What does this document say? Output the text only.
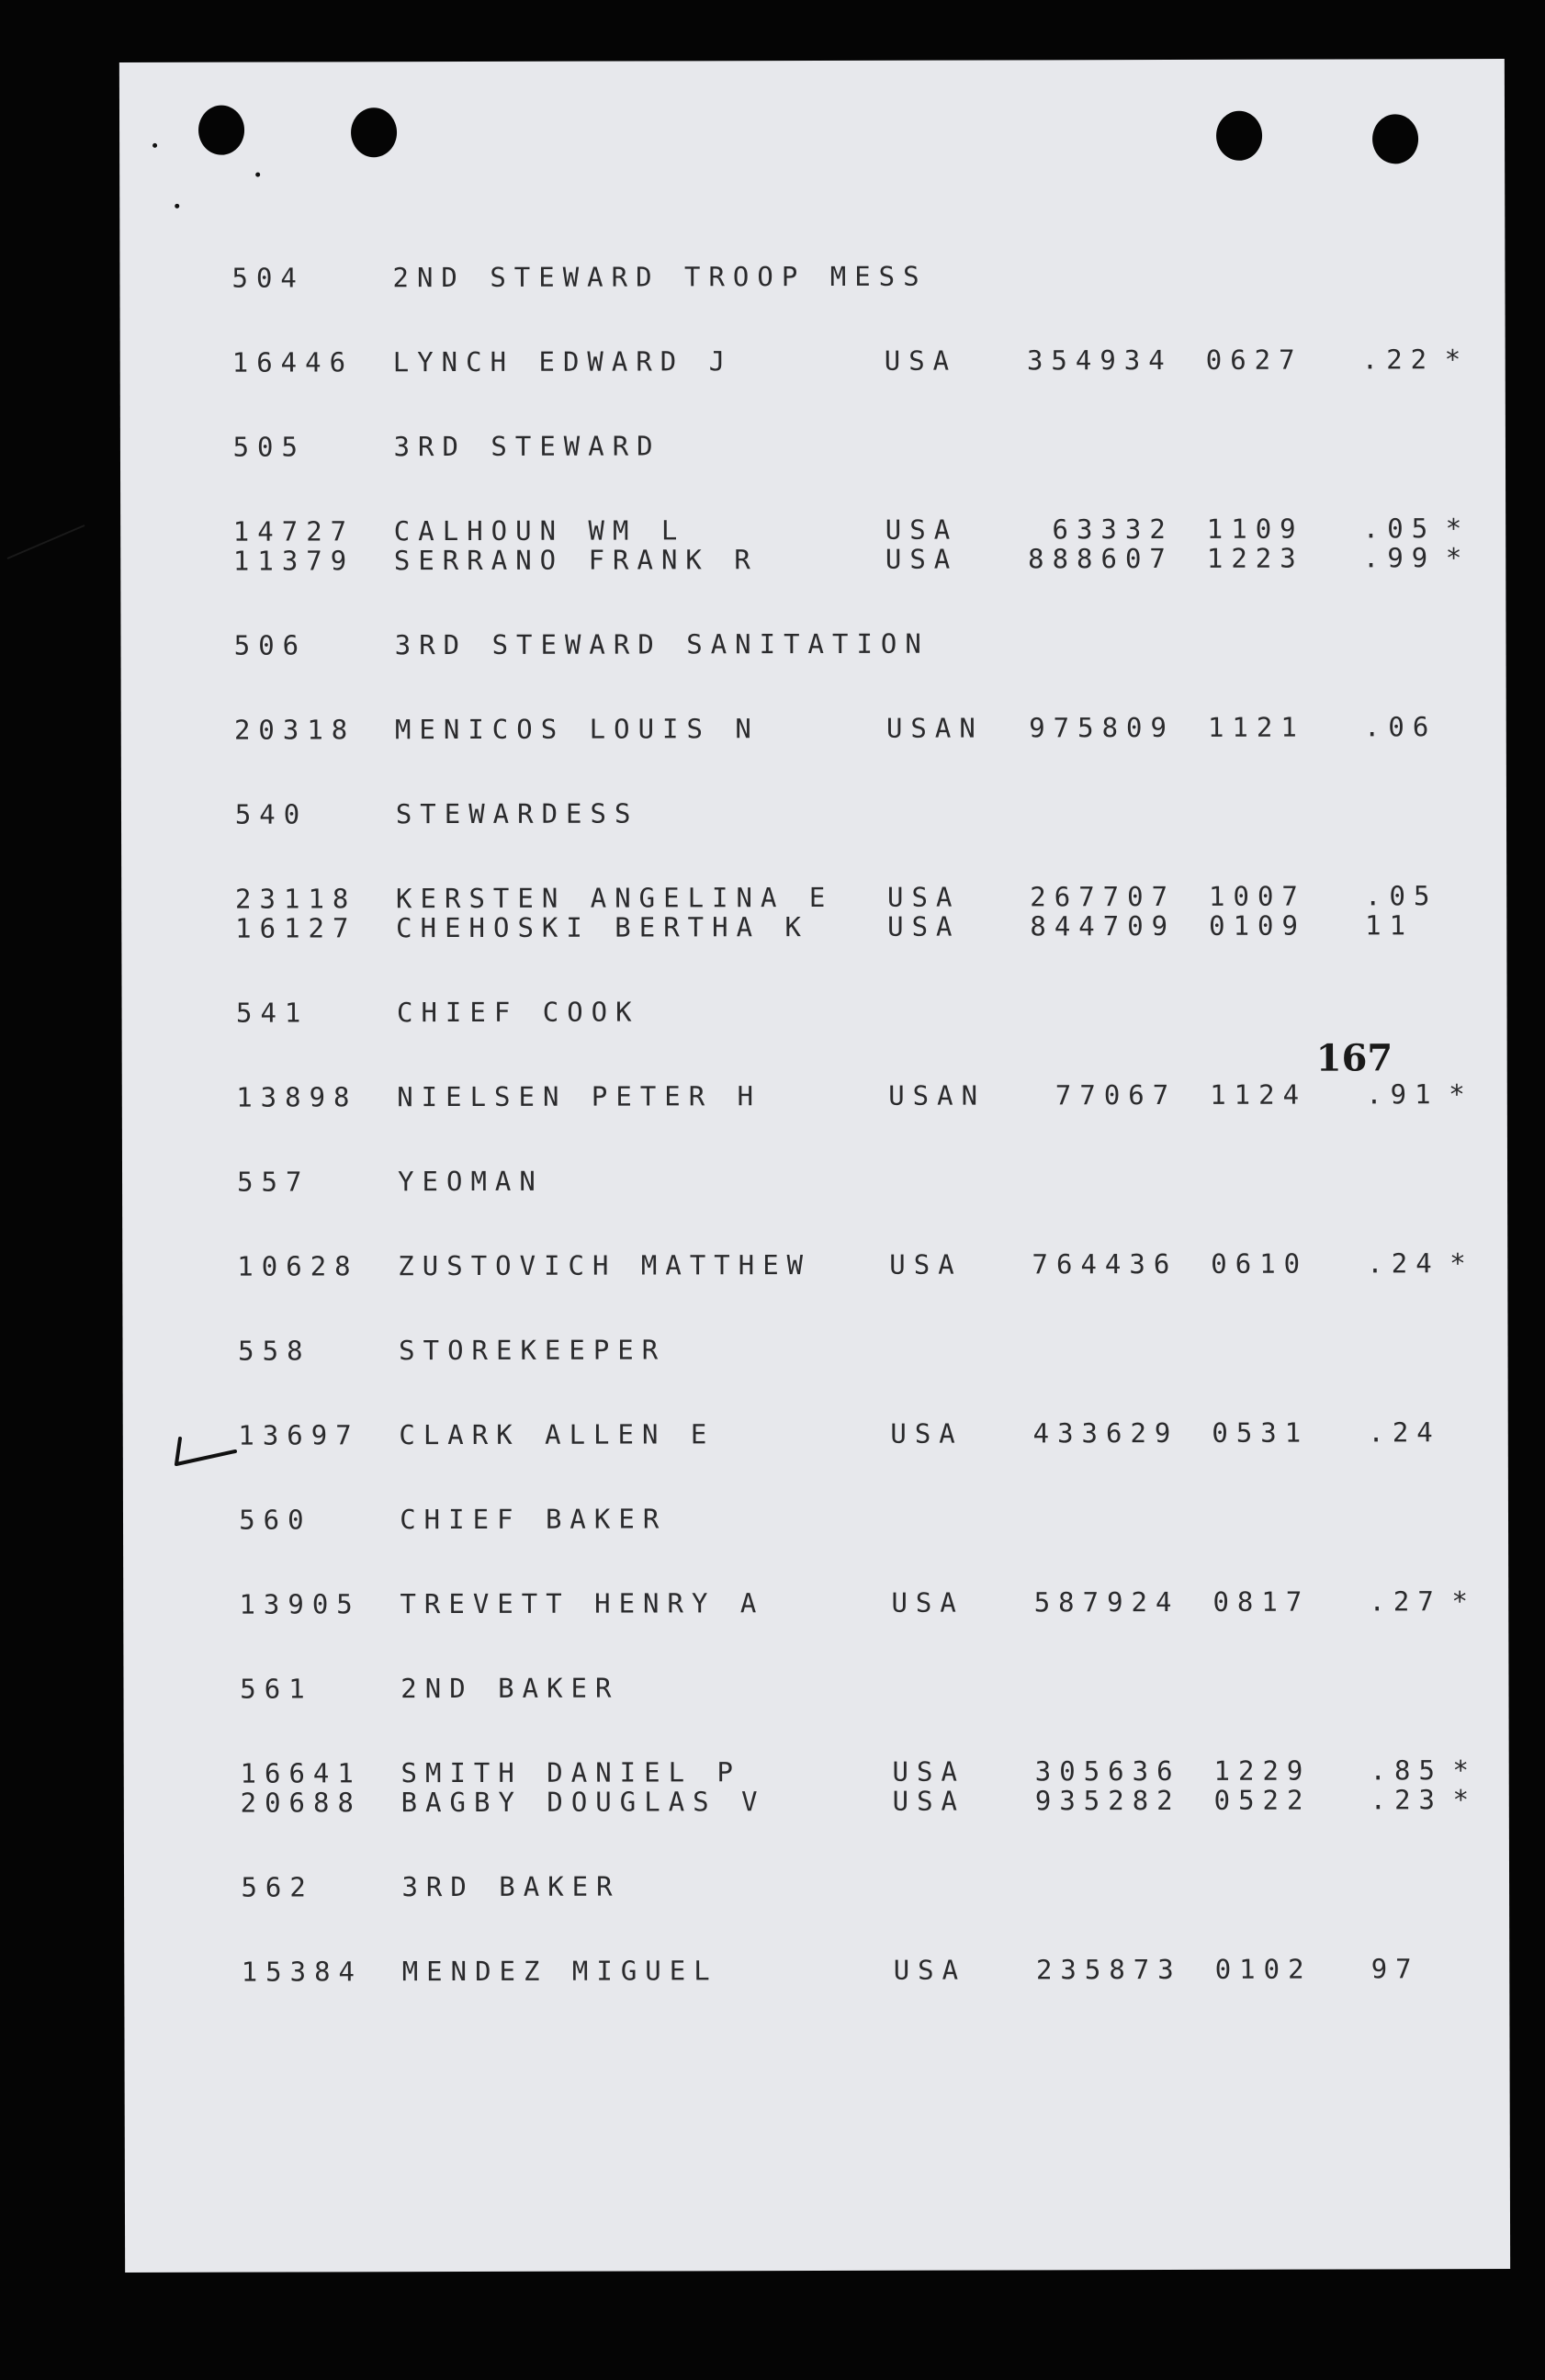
504	2ND STEWARD TROOP MESS
16446 LYNCH EDWARD J	USA	354934 0627 .22 *
505	3RD STEWARD
14727 CALHOUN WM L	USA	63332 1109 .05 *
11379 SERRANO FRANK R	USA	888607 1223 .99 *
506	3RD STEWARD SANITATION
20318 MENICOS LOUIS N	USAN	975809 1121 .06
540	STEWARDESS
23118 KERSTEN ANGELINA E USA	267707 1007 .05
16127 CHEHOSKI BERTHA K	USA	844709 0109 11
541	CHIEF COOK
13898 NIELSEN PETER H	USAN	77067 1124 .91 *
557	YEOMAN
10628 ZUSTOVICH MATTHEW	USA	764436 0610 .24 *
558	STOREKEEPER
13697 CLARK ALLEN E	USA	433629 0531 .24
560	CHIEF BAKER
13905 TREVETT HENRY A	USA	587924 0817 .27 *
561	2ND BAKER
16641 SMITH DANIEL P	USA	305636 1229 .85 *
20688 BAGBY DOUGLAS V	USA	935282 0522 .23 *
562	3RD BAKER
15384 MENDEZ MIGUEL	USA	235873 0102 97
167
